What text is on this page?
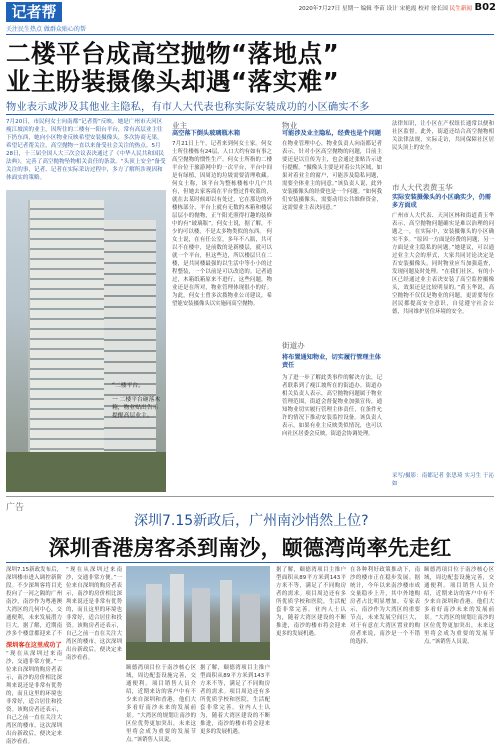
记者帮
关注民生热点 做群众贴心的帮
2020年7月27日 星期一 编辑 李苗 设计 宋艳霞 校对 徐长国 民生新闻 B02
二楼平台成高空抛物“落地点”
业主盼装摄像头却遇“落实难”
物业表示或涉及其他业主隐私，有市人大代表也称实际安装成功的小区确实不多
7月20日，市民何女士向南都“记者帮”反映，她是广州市天河区瘦江坡滨的业主，因所住的二楼有一阳台平台，常有高层业主往下扔东西，她向小区物业反映希望安装摄像头，多次协商无果。希望记者帮关注，高空抛物一直以来备受社会关注的热点。5月28日，十三届全国人大三次会议表决通过了《中华人民共和国民法典》，完善了高空抛物坠物相关责任的条款。“头顶上安全”备受关注的事，记者、记者在实际采访过程中，多方了解所涉现因和体面实的策略。
“二楼平台。
一 二楼平台砸落木箱，物业贴出告示提醒高层业主。
业主
高空落下倒头玻璃瓶木箱
7月21日上午，记者来到何女士家。何女士所住楼栋有24层，人口大约有如有事之高空抛物的惯性生产。何女士所指的二楼平台位于旅游网中的一次平台，平台中间是有绿植，因周边的垃圾需要清理收藏。何女士称，该平台为整栋楼栋中几户共有，但她去家客商在平台整过件收篮的，就在去某时候却以有处过，它在那边的外楼栋部分，平台上就有无数的木箱和楼层层层小的抛物，正午阳光照得打趣的装修中的有“玻璃瓶”。何女士说，据了解，不少的可以楼，不是太多物类似的东西。 何女士说，在有任公室，多年不八瓶，共可以不在楼中，是前数的是新楼层，就可以就一个平台，但这些边，所以楼层只在二楼，是共同楼最强的以生活中等小小的过程整装，一个以前是可以改造的。记者通过，木箱纸箱原来不进行，这些问题，物业还是在所对，物业管理体现很小的好。 为此，何女士曾多次拨物业公司建议，希望能安装摄像头以实施同高空抛物。
物业
可能涉及业主隐私，经费也是个问题
在物业管理中心，物业负责人向南都记者表示，针对小区高空抛物的问题，目前主要还是以宣传为主，也会通过张贴告示进行提醒。“摄像头主要是对着公共区域，如果对着业主的窗户，可能涉及隐私问题，需要全体业主的同意。”该负责人说，此外安装摄像头的经费也是一个问题。“如何我们安装摄像头，需要动用公共维修资金，这需要业主表决同意。”
街道办
将布置通知物业，切实履行管理主体责任
为了进一步了解此类事件的解决方法，记者联系到了瘦江坡所在的街道办。街道办相关负责人表示，高空抛物问题属于物业管理范围，街道会督促物业加强宣传，通知物业切实履行管理主体责任，在条件允许的情况下推动安装监控设备。该负责人表示，如果有业主反映类似情况，也可以向社区居委会反映，街道会协调处理。
法律知识，让小区在产权组长通常以便和社区监督。此外，街道还结合高空抛物相关法律法规，实际走访，共同保障社区居民头顶上的安全。
市人大代表黄玉华
实际安装摄像头的小区确实少，仍需多方面成
广州市人大代表、天河区林和街道黄玉华表示，高空抛物问题确实是难以治理的问题之一，在实际中，安装摄像头的小区确实不多。“原因一方面是经费的问题，另一方面是业主隐私的问题。”她建议，可以通过业主大会的形式，大家共同讨论决定是否安装摄像头。同时物业应当加强巡查，发现问题及时处理。“在我们社区，有的小区已经通过业主表决安装了高空监控摄像头，效果还是比较明显的。”黄玉华说，高空抛物不仅仅是物业的问题，更需要每位居民都提高安全意识，自觉遵守社会公德，共同维护居住环境的安全。
采写/摄影：南都记者 张思琦 实习生 于沁如
广告
深圳7.15新政后，广州南沙悄然上位?
深圳香港房客杀到南沙，颐德湾尚率先走红
深圳7.15新政发布后，深圳楼市进入调控新阶段。不少深圳客将目光投向了一河之隔的广州南沙，南沙作为粤港澳大湾区的几何中心，交通便利，未来发展潜力巨大。据了解，近期南沙多个楼盘都迎来了不
深圳客在这里成功了
“现在从深圳过来南沙，交通非常方便。”一位来自深圳的购房者表示，南沙的房价相比深圳来说还是非常有优势的，而且这里的环境也非常好，适合居住和投资。该购房者还表示，自己之前一直在关注大湾区的楼市，这次深圳出台新政后，便决定来南沙看看。
“现在从深圳过来南沙，交通非常方便。”一位来自深圳的购房者表示，南沙的房价相比深圳来说还是非常有优势的，而且这里的环境也非常好，适合居住和投资。该购房者还表示，自己之前一直在关注大湾区的楼市，这次深圳出台新政后，便决定来南沙看看。
颐德湾项目位于南沙核心区域，周边配套设施完善，交通便利。项目销售人员介绍，近期来访的客户中有不少来自深圳和香港，他们大多看好南沙未来的发展前景。“大湾区的规划让南沙的区位优势更加突出，未来这里将会成为重要的发展节点。”该销售人员说。
据了解，颐德湾项目主推户型面积从89平方米到143平方米不等，满足了不同购房者的需求。项目周边还有多所优质学校和医院，生活配套非常完善。业内人士认为，随着大湾区建设的不断推进，南沙的楼市将会迎来更多的发展机遇。
据了解，颐德湾项目主推户型面积从89平方米到143平方米不等，满足了不同购房者的需求。项目周边还有多所优质学校和医院，生活配套非常完善。业内人士认为，随着大湾区建设的不断推进，南沙的楼市将会迎来更多的发展机遇。
在各种利好政策推动下，南沙的楼市正在稳步发展。据统计，今年以来南沙楼市成交量稳步上升，其中外地购房者占比明显增加。专家表示，南沙作为大湾区的重要节点，未来发展空间巨大，对于有意在大湾区置业的购房者来说，南沙是一个不错的选择。
颐德湾项目位于南沙核心区域，周边配套设施完善，交通便利。项目销售人员介绍，近期来访的客户中有不少来自深圳和香港，他们大多看好南沙未来的发展前景。“大湾区的规划让南沙的区位优势更加突出，未来这里将会成为重要的发展节点。”该销售人员说。
